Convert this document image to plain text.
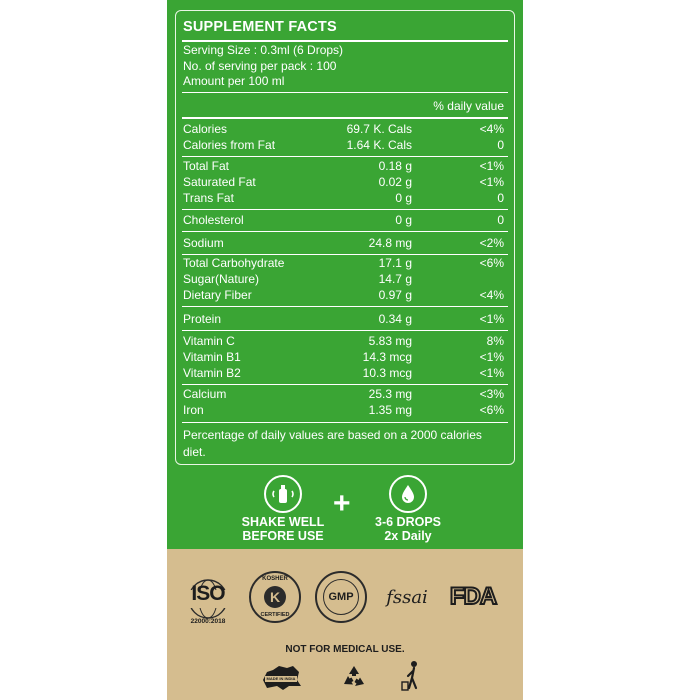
SUPPLEMENT FACTS
Serving Size : 0.3ml (6 Drops)
No. of serving per pack : 100
Amount per 100 ml
% daily value
Calories	69.7 K. Cals	<4%
Calories from Fat	1.64 K. Cals	0
Total Fat	0.18 g	<1%
Saturated Fat	0.02 g	<1%
Trans Fat	0 g	0
Cholesterol	0 g	0
Sodium	24.8 mg	<2%
Total Carbohydrate	17.1 g	<6%
Sugar(Nature)	14.7 g
Dietary Fiber	0.97 g	<4%
Protein	0.34 g	<1%
Vitamin C	5.83 mg	8%
Vitamin B1	14.3 mcg	<1%
Vitamin B2	10.3 mcg	<1%
Calcium	25.3 mg	<3%
Iron	1.35 mg	<6%
Percentage of daily values are based on a 2000 calories diet.
SHAKE WELL
BEFORE USE
+
3-6 DROPS
2x Daily
ISO
22000:2018
KOSHER
K
CERTIFIED
GMP	fssai FDA
NOT FOR MEDICAL USE.
MADE IN INDIA
